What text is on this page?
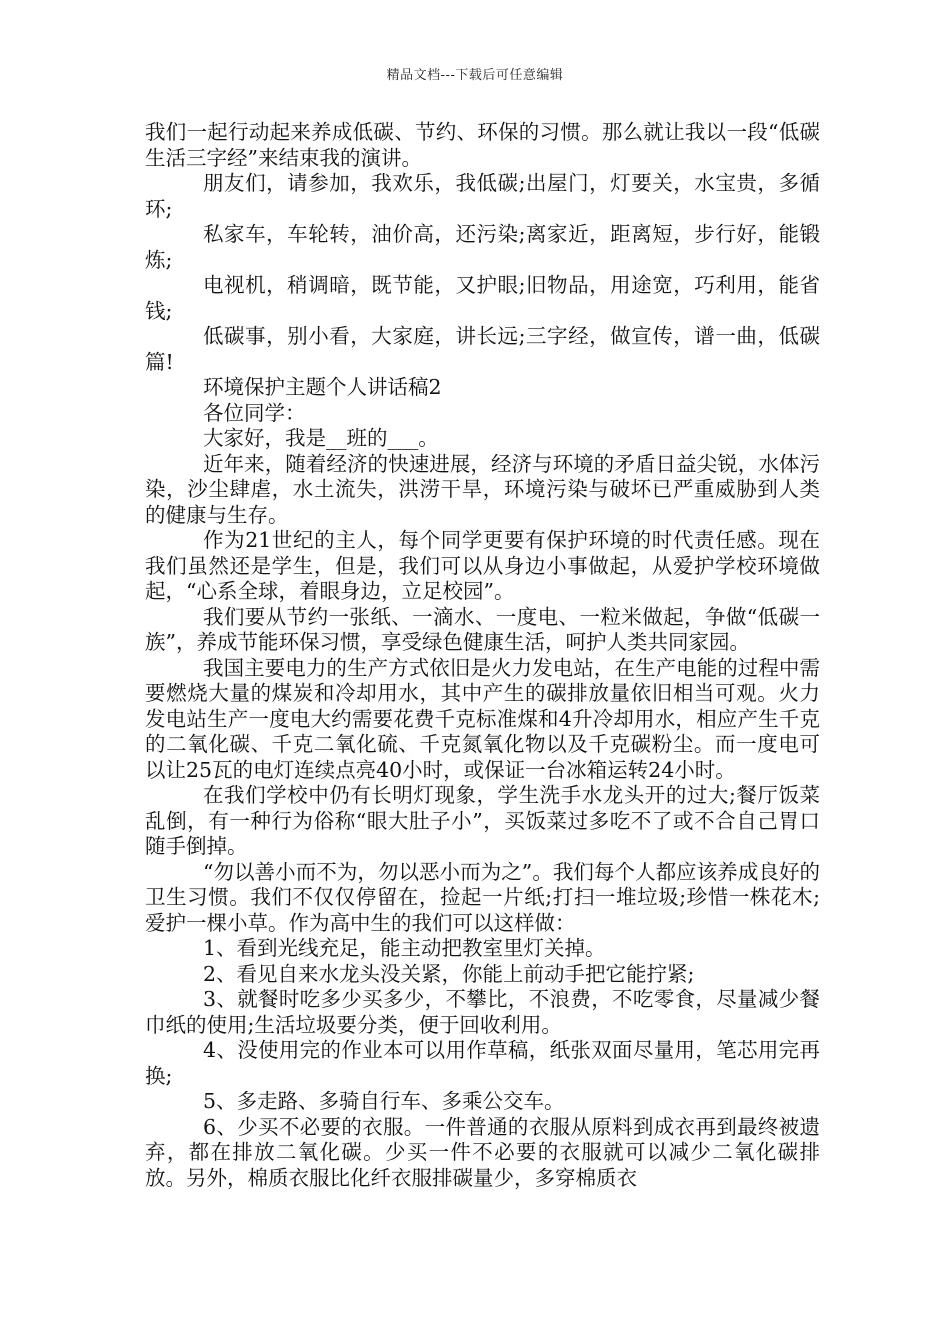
精品文档---下载后可任意编辑

我们一起行动起来养成低碳、节约、环保的习惯。那么就让我以一段“低碳生活三字经”来结束我的演讲。

朋友们，请参加，我欢乐，我低碳;出屋门，灯要关，水宝贵，多循环;

私家车，车轮转，油价高，还污染;离家近，距离短，步行好，能锻炼;

电视机，稍调暗，既节能，又护眼;旧物品，用途宽，巧利用，能省钱;

低碳事，别小看，大家庭，讲长远;三字经，做宣传，谱一曲，低碳篇!

环境保护主题个人讲话稿2

各位同学：

大家好，我是__班的___。

近年来，随着经济的快速进展，经济与环境的矛盾日益尖锐，水体污染，沙尘肆虐，水土流失，洪涝干旱，环境污染与破坏已严重威胁到人类的健康与生存。

作为21世纪的主人，每个同学更要有保护环境的时代责任感。现在我们虽然还是学生，但是，我们可以从身边小事做起，从爱护学校环境做起，“心系全球，着眼身边，立足校园”。

我们要从节约一张纸、一滴水、一度电、一粒米做起，争做“低碳一族”，养成节能环保习惯，享受绿色健康生活，呵护人类共同家园。

我国主要电力的生产方式依旧是火力发电站，在生产电能的过程中需要燃烧大量的煤炭和冷却用水，其中产生的碳排放量依旧相当可观。火力发电站生产一度电大约需要花费千克标准煤和4升冷却用水，相应产生千克的二氧化碳、千克二氧化硫、千克氮氧化物以及千克碳粉尘。而一度电可以让25瓦的电灯连续点亮40小时，或保证一台冰箱运转24小时。

在我们学校中仍有长明灯现象，学生洗手水龙头开的过大;餐厅饭菜乱倒，有一种行为俗称“眼大肚子小”，买饭菜过多吃不了或不合自己胃口随手倒掉。

“勿以善小而不为，勿以恶小而为之”。我们每个人都应该养成良好的卫生习惯。我们不仅仅停留在，捡起一片纸;打扫一堆垃圾;珍惜一株花木;爱护一棵小草。作为高中生的我们可以这样做：

1、看到光线充足，能主动把教室里灯关掉。

2、看见自来水龙头没关紧，你能上前动手把它能拧紧;

3、就餐时吃多少买多少，不攀比，不浪费，不吃零食，尽量减少餐巾纸的使用;生活垃圾要分类，便于回收利用。

4、没使用完的作业本可以用作草稿，纸张双面尽量用，笔芯用完再换;

5、多走路、多骑自行车、多乘公交车。

6、少买不必要的衣服。一件普通的衣服从原料到成衣再到最终被遗弃，都在排放二氧化碳。少买一件不必要的衣服就可以减少二氧化碳排放。另外，棉质衣服比化纤衣服排碳量少，多穿棉质衣
